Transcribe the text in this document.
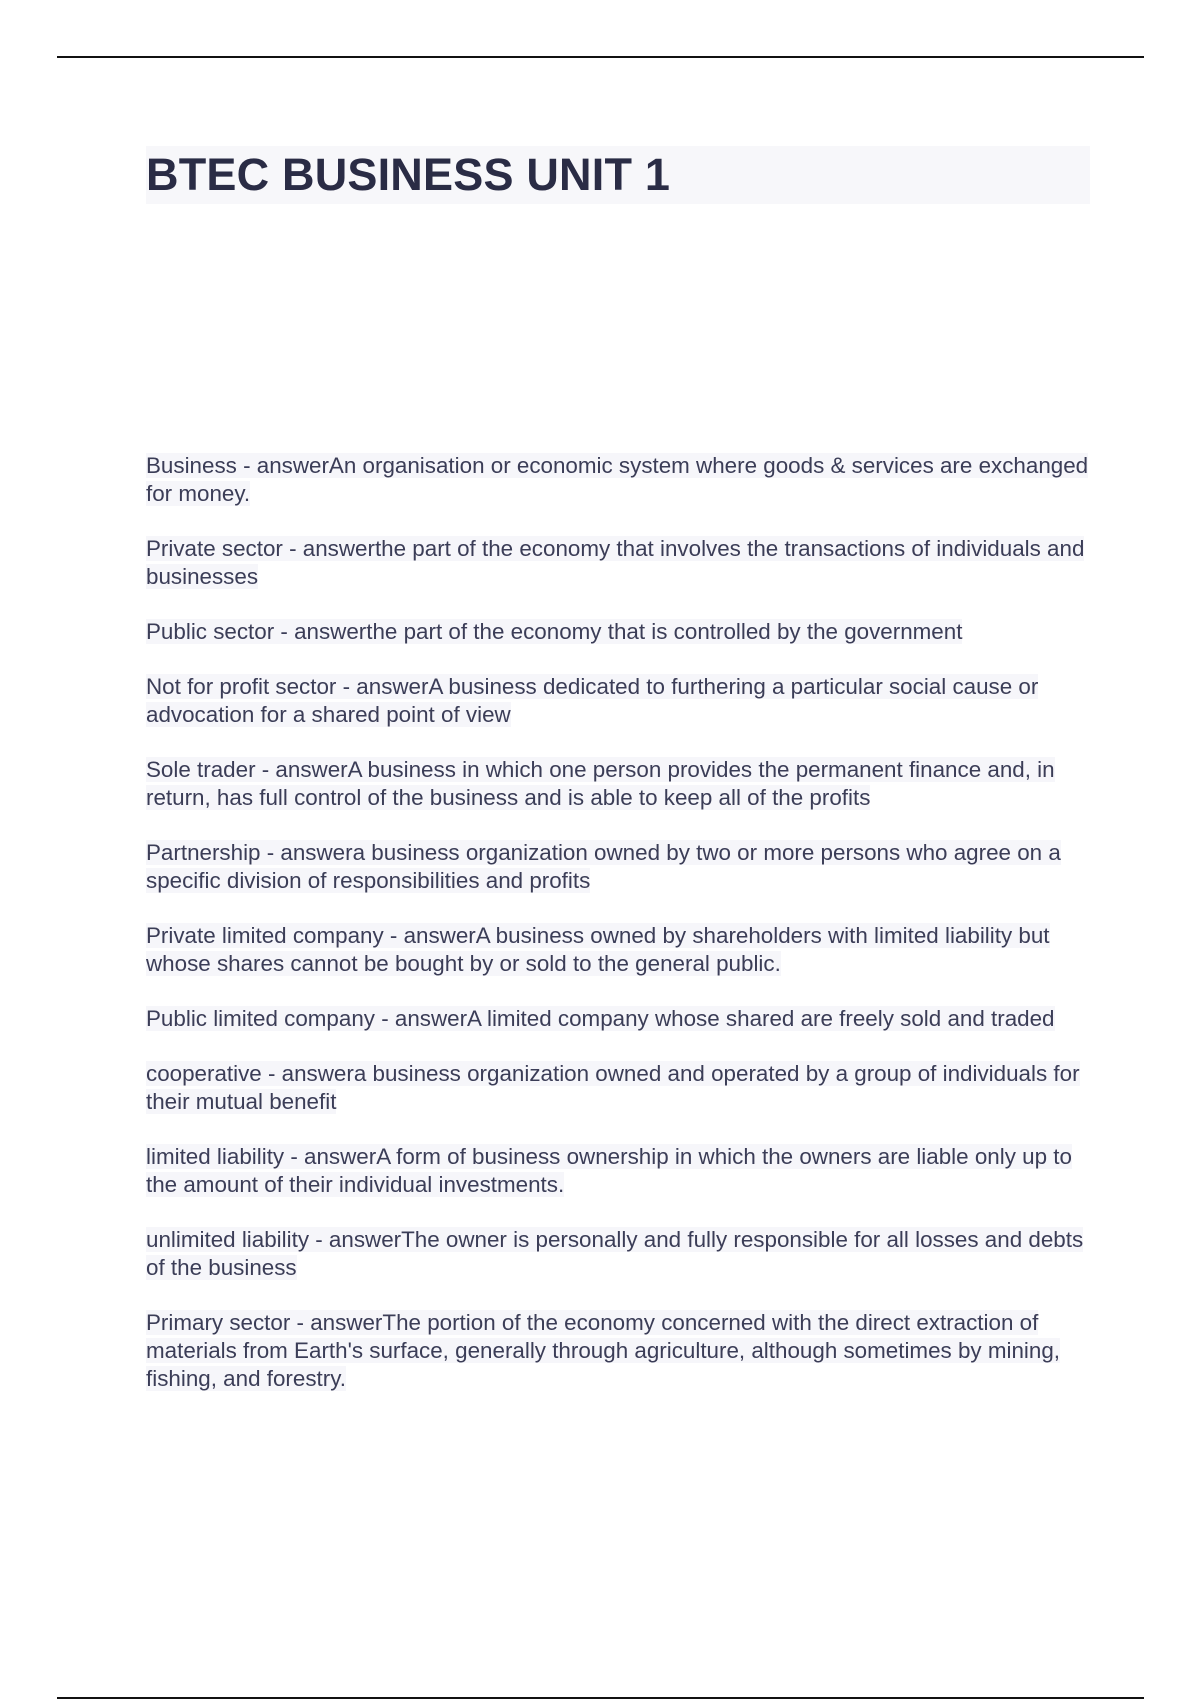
BTEC BUSINESS UNIT 1

Business - answerAn organisation or economic system where goods & services are exchanged for money.

Private sector - answerthe part of the economy that involves the transactions of individuals and businesses

Public sector - answerthe part of the economy that is controlled by the government

Not for profit sector - answerA business dedicated to furthering a particular social cause or advocation for a shared point of view

Sole trader - answerA business in which one person provides the permanent finance and, in return, has full control of the business and is able to keep all of the profits

Partnership - answera business organization owned by two or more persons who agree on a specific division of responsibilities and profits

Private limited company - answerA business owned by shareholders with limited liability but whose shares cannot be bought by or sold to the general public.

Public limited company - answerA limited company whose shared are freely sold and traded

cooperative - answera business organization owned and operated by a group of individuals for their mutual benefit

limited liability - answerA form of business ownership in which the owners are liable only up to the amount of their individual investments.

unlimited liability - answerThe owner is personally and fully responsible for all losses and debts of the business

Primary sector - answerThe portion of the economy concerned with the direct extraction of materials from Earth's surface, generally through agriculture, although sometimes by mining, fishing, and forestry.
